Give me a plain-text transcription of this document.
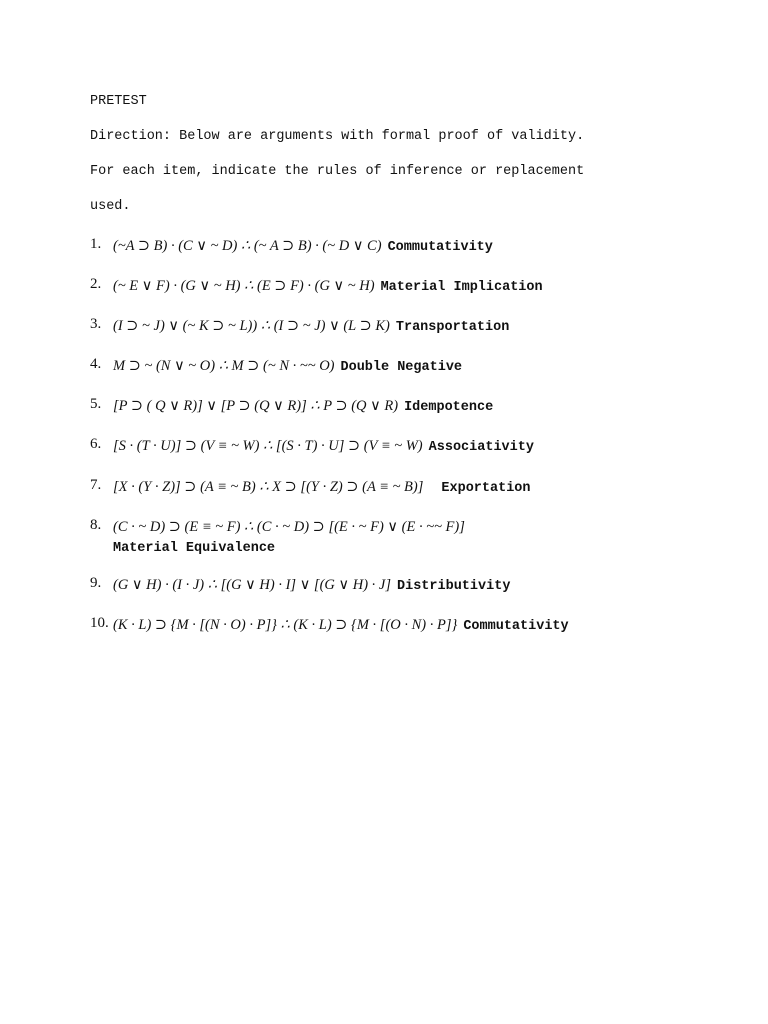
PRETEST
Direction: Below are arguments with formal proof of validity.
For each item, indicate the rules of inference or replacement
used.
1. (~A ⊃ B) · (C ∨ ~ D) ∴ (~ A ⊃ B) · (~ D ∨ C) Commutativity
2. (~ E ∨ F) · (G ∨ ~ H) ∴ (E ⊃ F) · (G ∨ ~ H) Material Implication
3. (I ⊃ ~ J) ∨ (~ K ⊃ ~ L)) ∴ (I ⊃ ~ J) ∨ (L ⊃ K) Transportation
4. M ⊃ ~ (N ∨ ~ O) ∴ M ⊃ (~ N · ~~ O) Double Negative
5. [P ⊃ ( Q ∨ R)] ∨ [P ⊃ (Q ∨ R)] ∴ P ⊃ (Q ∨ R) Idempotence
6. [S · (T · U)] ⊃ (V ≡ ~ W) ∴ [(S · T) · U] ⊃ (V ≡ ~ W) Associativity
7. [X · (Y · Z)] ⊃ (A ≡ ~ B) ∴ X ⊃ [(Y · Z) ⊃ (A ≡ ~ B)] Exportation
8. (C · ~ D) ⊃ (E ≡ ~ F) ∴ (C · ~ D) ⊃ [(E · ~ F) ∨ (E · ~~ F)]
Material Equivalence
9. (G ∨ H) · (I · J) ∴ [(G ∨ H) · I] ∨ [(G ∨ H) · J] Distributivity
10. (K · L) ⊃ {M · [(N · O) · P]} ∴ (K · L) ⊃ {M · [(O · N) · P]} Commutativity
